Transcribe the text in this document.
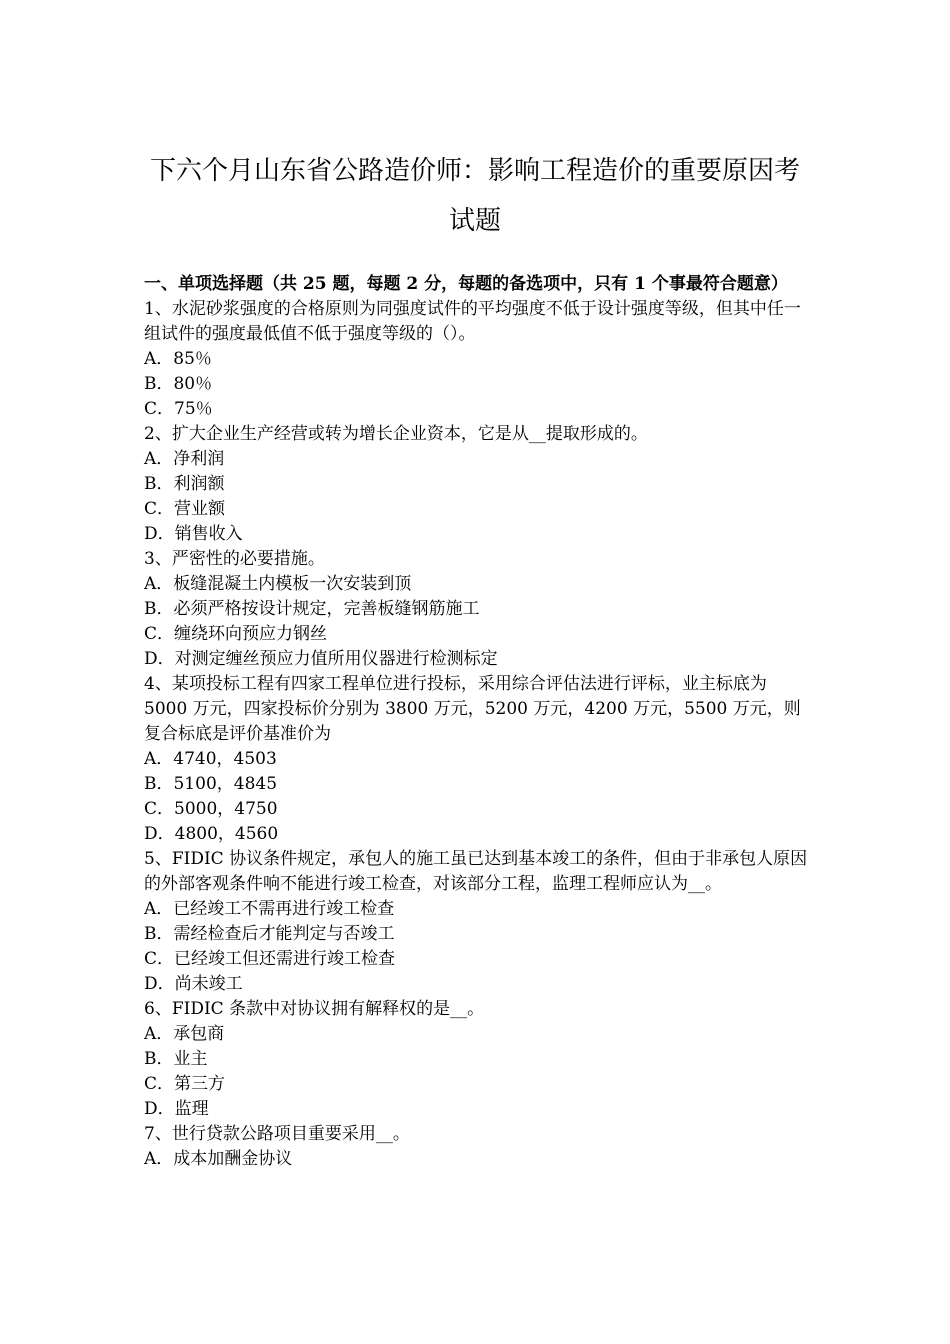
下六个月山东省公路造价师：影响工程造价的重要原因考试题

一、单项选择题（共 25 题，每题 2 分，每题的备选项中，只有 1 个事最符合题意）

1、水泥砂浆强度的合格原则为同强度试件的平均强度不低于设计强度等级，但其中任一组试件的强度最低值不低于强度等级的（）。

A．85％

B．80％

C．75％

2、扩大企业生产经营或转为增长企业资本，它是从__提取形成的。

A．净利润

B．利润额

C．营业额

D．销售收入

3、严密性的必要措施。

A．板缝混凝土内模板一次安装到顶

B．必须严格按设计规定，完善板缝钢筋施工

C．缠绕环向预应力钢丝

D．对测定缠丝预应力值所用仪器进行检测标定

4、某项投标工程有四家工程单位进行投标，采用综合评估法进行评标，业主标底为 5000 万元，四家投标价分别为 3800 万元，5200 万元，4200 万元，5500 万元，则复合标底是评价基准价为

A．4740，4503

B．5100，4845

C．5000，4750

D．4800，4560

5、FIDIC 协议条件规定，承包人的施工虽已达到基本竣工的条件，但由于非承包人原因的外部客观条件响不能进行竣工检查，对该部分工程，监理工程师应认为__。

A．已经竣工不需再进行竣工检查

B．需经检查后才能判定与否竣工

C．已经竣工但还需进行竣工检查

D．尚未竣工

6、FIDIC 条款中对协议拥有解释权的是__。

A．承包商

B．业主

C．第三方

D．监理

7、世行贷款公路项目重要采用__。

A．成本加酬金协议
